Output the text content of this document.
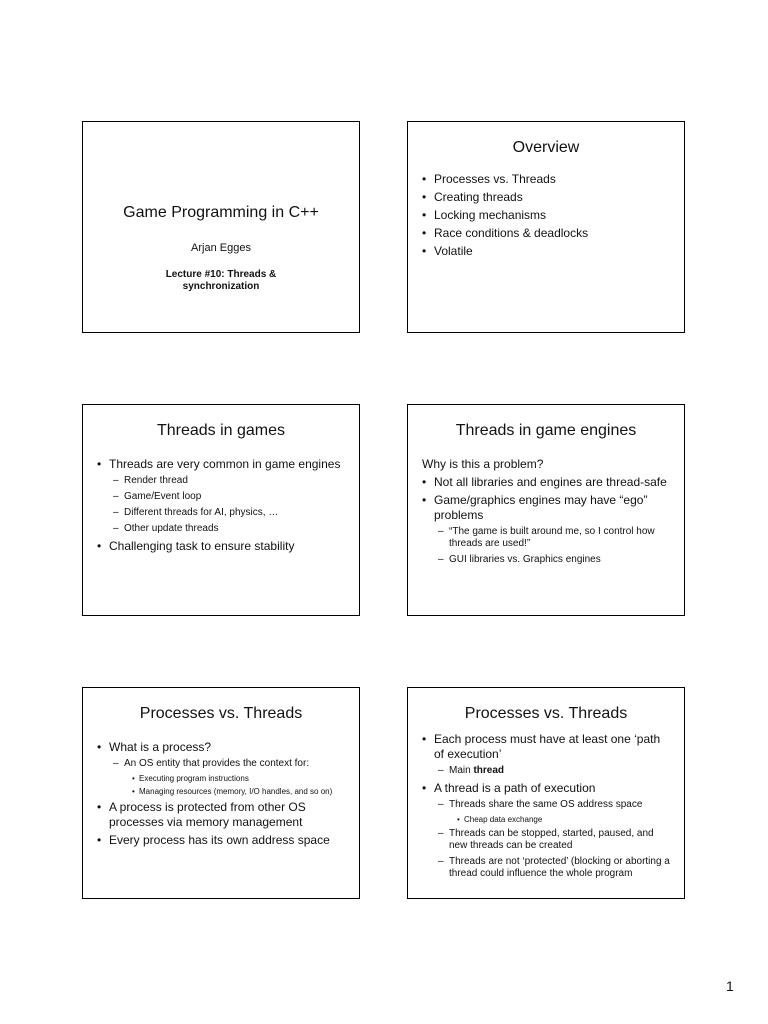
Game Programming in C++
Arjan Egges
Lecture #10: Threads & synchronization
Overview
• Processes vs. Threads
• Creating threads
• Locking mechanisms
• Race conditions & deadlocks
• Volatile
Threads in games
• Threads are very common in game engines
– Render thread
– Game/Event loop
– Different threads for AI, physics, …
– Other update threads
• Challenging task to ensure stability
Threads in game engines
Why is this a problem?
• Not all libraries and engines are thread-safe
• Game/graphics engines may have “ego” problems
– “The game is built around me, so I control how threads are used!”
– GUI libraries vs. Graphics engines
Processes vs. Threads
• What is a process?
– An OS entity that provides the context for:
• Executing program instructions
• Managing resources (memory, I/O handles, and so on)
• A process is protected from other OS processes via memory management
• Every process has its own address space
Processes vs. Threads
• Each process must have at least one ‘path of execution’
– Main thread
• A thread is a path of execution
– Threads share the same OS address space
• Cheap data exchange
– Threads can be stopped, started, paused, and new threads can be created
– Threads are not ‘protected’ (blocking or aborting a thread could influence the whole program
1
